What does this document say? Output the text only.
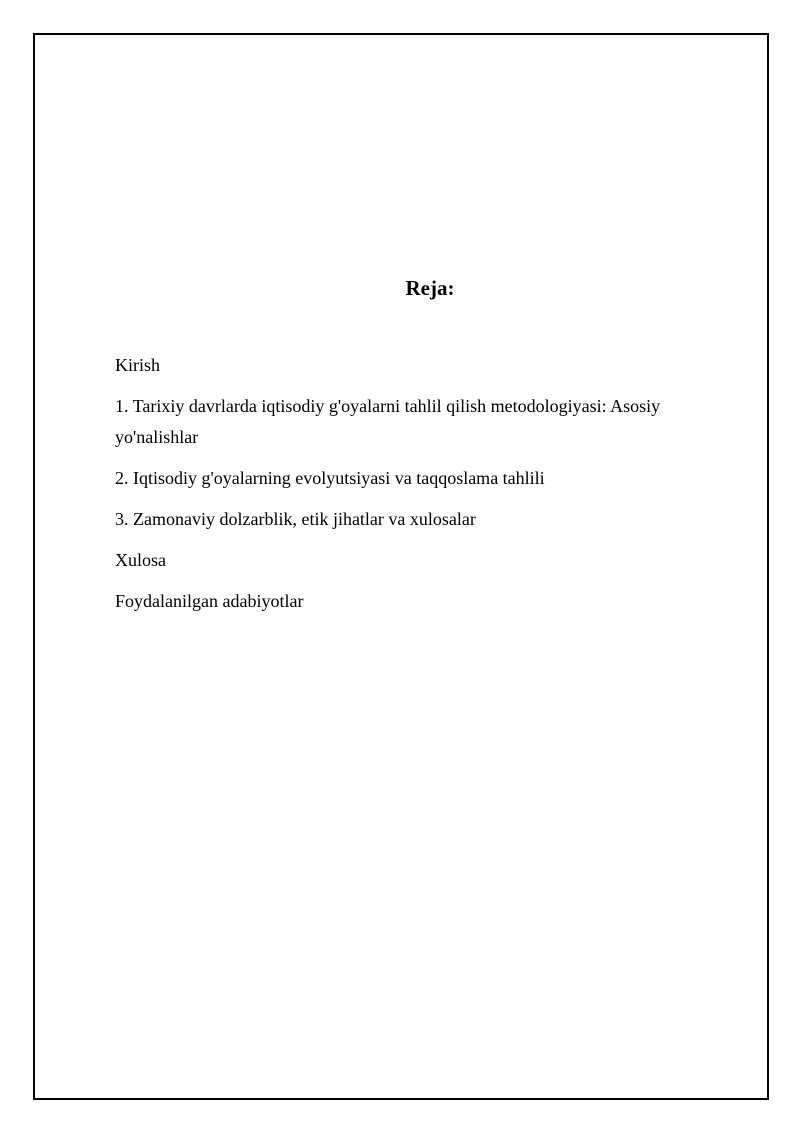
Reja:
Kirish
1. Tarixiy davrlarda iqtisodiy g'oyalarni tahlil qilish metodologiyasi: Asosiy yo'nalishlar
2. Iqtisodiy g'oyalarning evolyutsiyasi va taqqoslama tahlili
3. Zamonaviy dolzarblik, etik jihatlar va xulosalar
Xulosa
Foydalanilgan adabiyotlar
